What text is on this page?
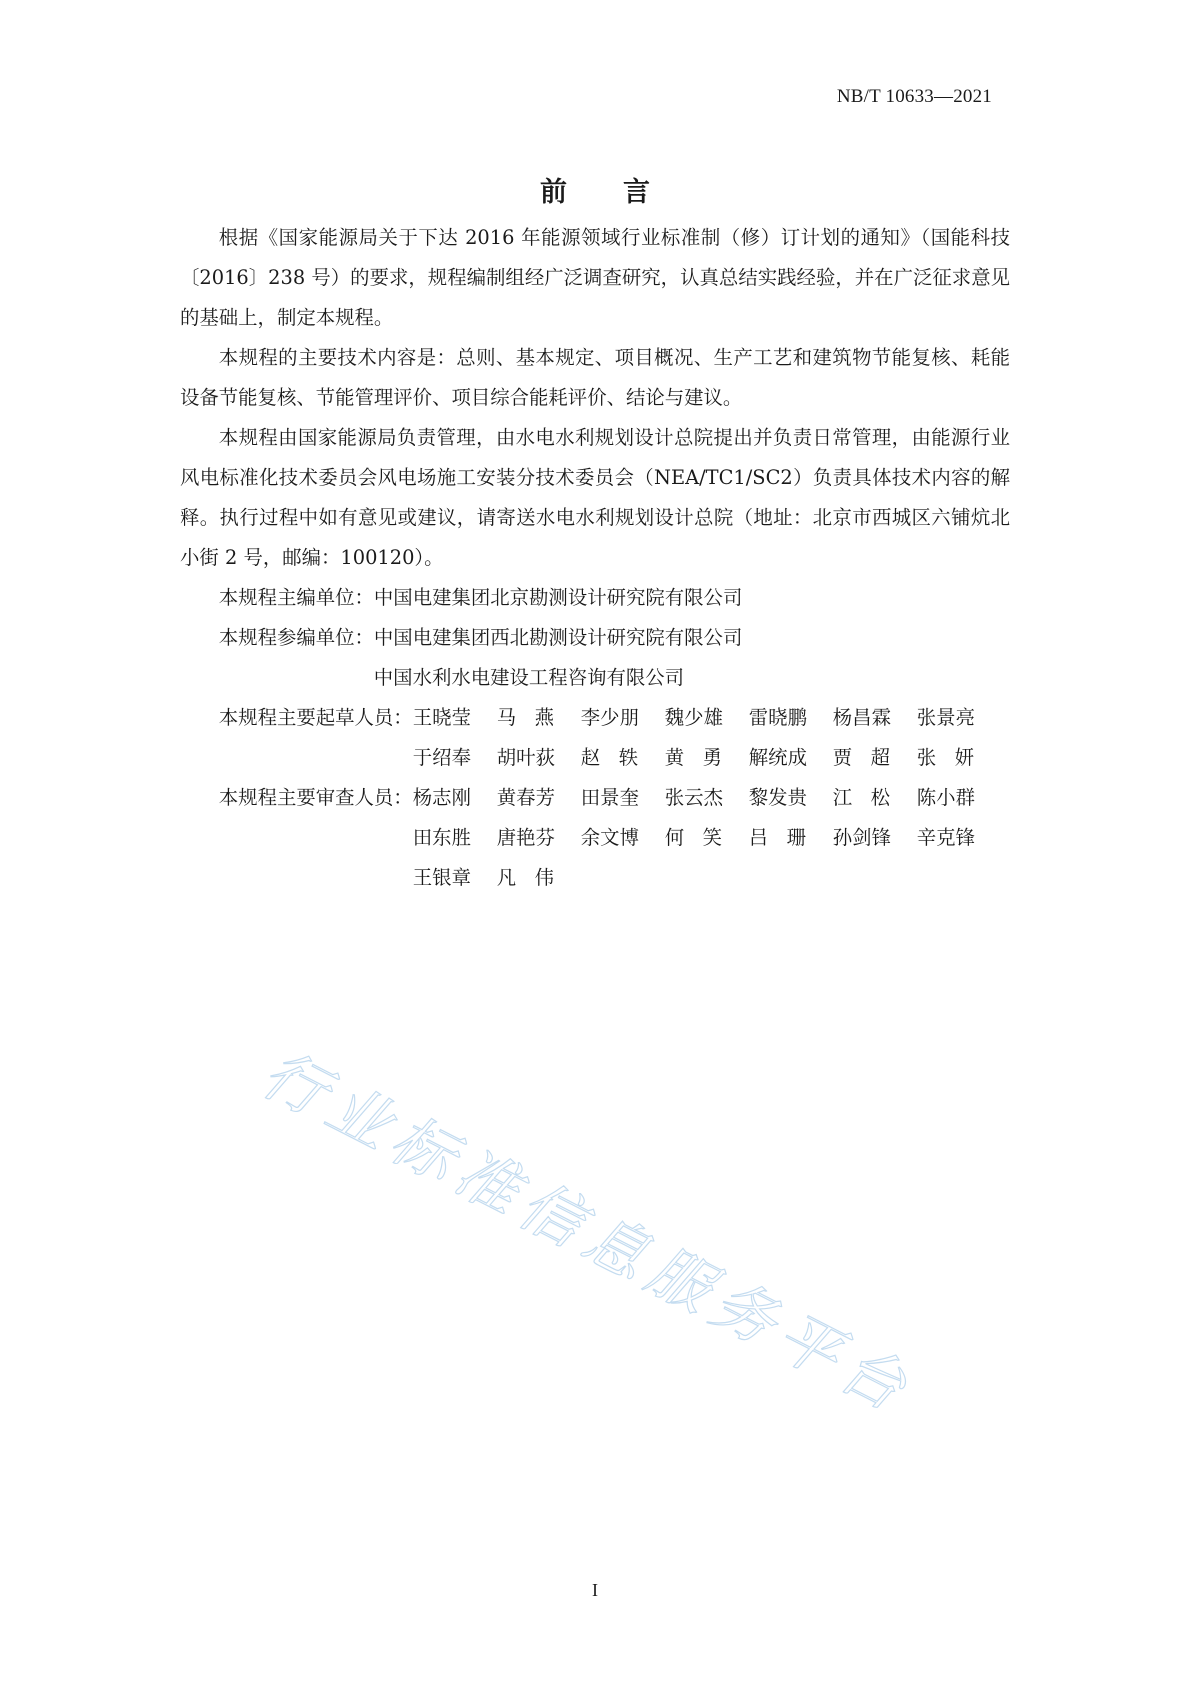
NB/T 10633—2021
前 言

根据《国家能源局关于下达 2016 年能源领域行业标准制（修）订计划的通知》（国能科技〔2016〕238 号）的要求，规程编制组经广泛调查研究，认真总结实践经验，并在广泛征求意见的基础上，制定本规程。

本规程的主要技术内容是：总则、基本规定、项目概况、生产工艺和建筑物节能复核、耗能设备节能复核、节能管理评价、项目综合能耗评价、结论与建议。

本规程由国家能源局负责管理，由水电水利规划设计总院提出并负责日常管理，由能源行业风电标准化技术委员会风电场施工安装分技术委员会（NEA/TC1/SC2）负责具体技术内容的解释。执行过程中如有意见或建议，请寄送水电水利规划设计总院（地址：北京市西城区六铺炕北小街 2 号，邮编：100120）。

本规程主编单位： 中国电建集团北京勘测设计研究院有限公司
本规程参编单位： 中国电建集团西北勘测设计研究院有限公司
中国水利水电建设工程咨询有限公司
本规程主要起草人员： 王晓莹	马燕 李少朋	魏少雄	雷晓鹏	杨昌霖	张景亮
于绍奉	胡叶荻	赵轶 黄勇 解统成	贾超 张妍
本规程主要审查人员： 杨志刚	黄春芳	田景奎	张云杰	黎发贵	江松 陈小群
田东胜	唐艳芬	余文博	何笑 吕珊 孙剑锋	辛克锋
王银章	凡伟
行业标准信息服务平台
I
